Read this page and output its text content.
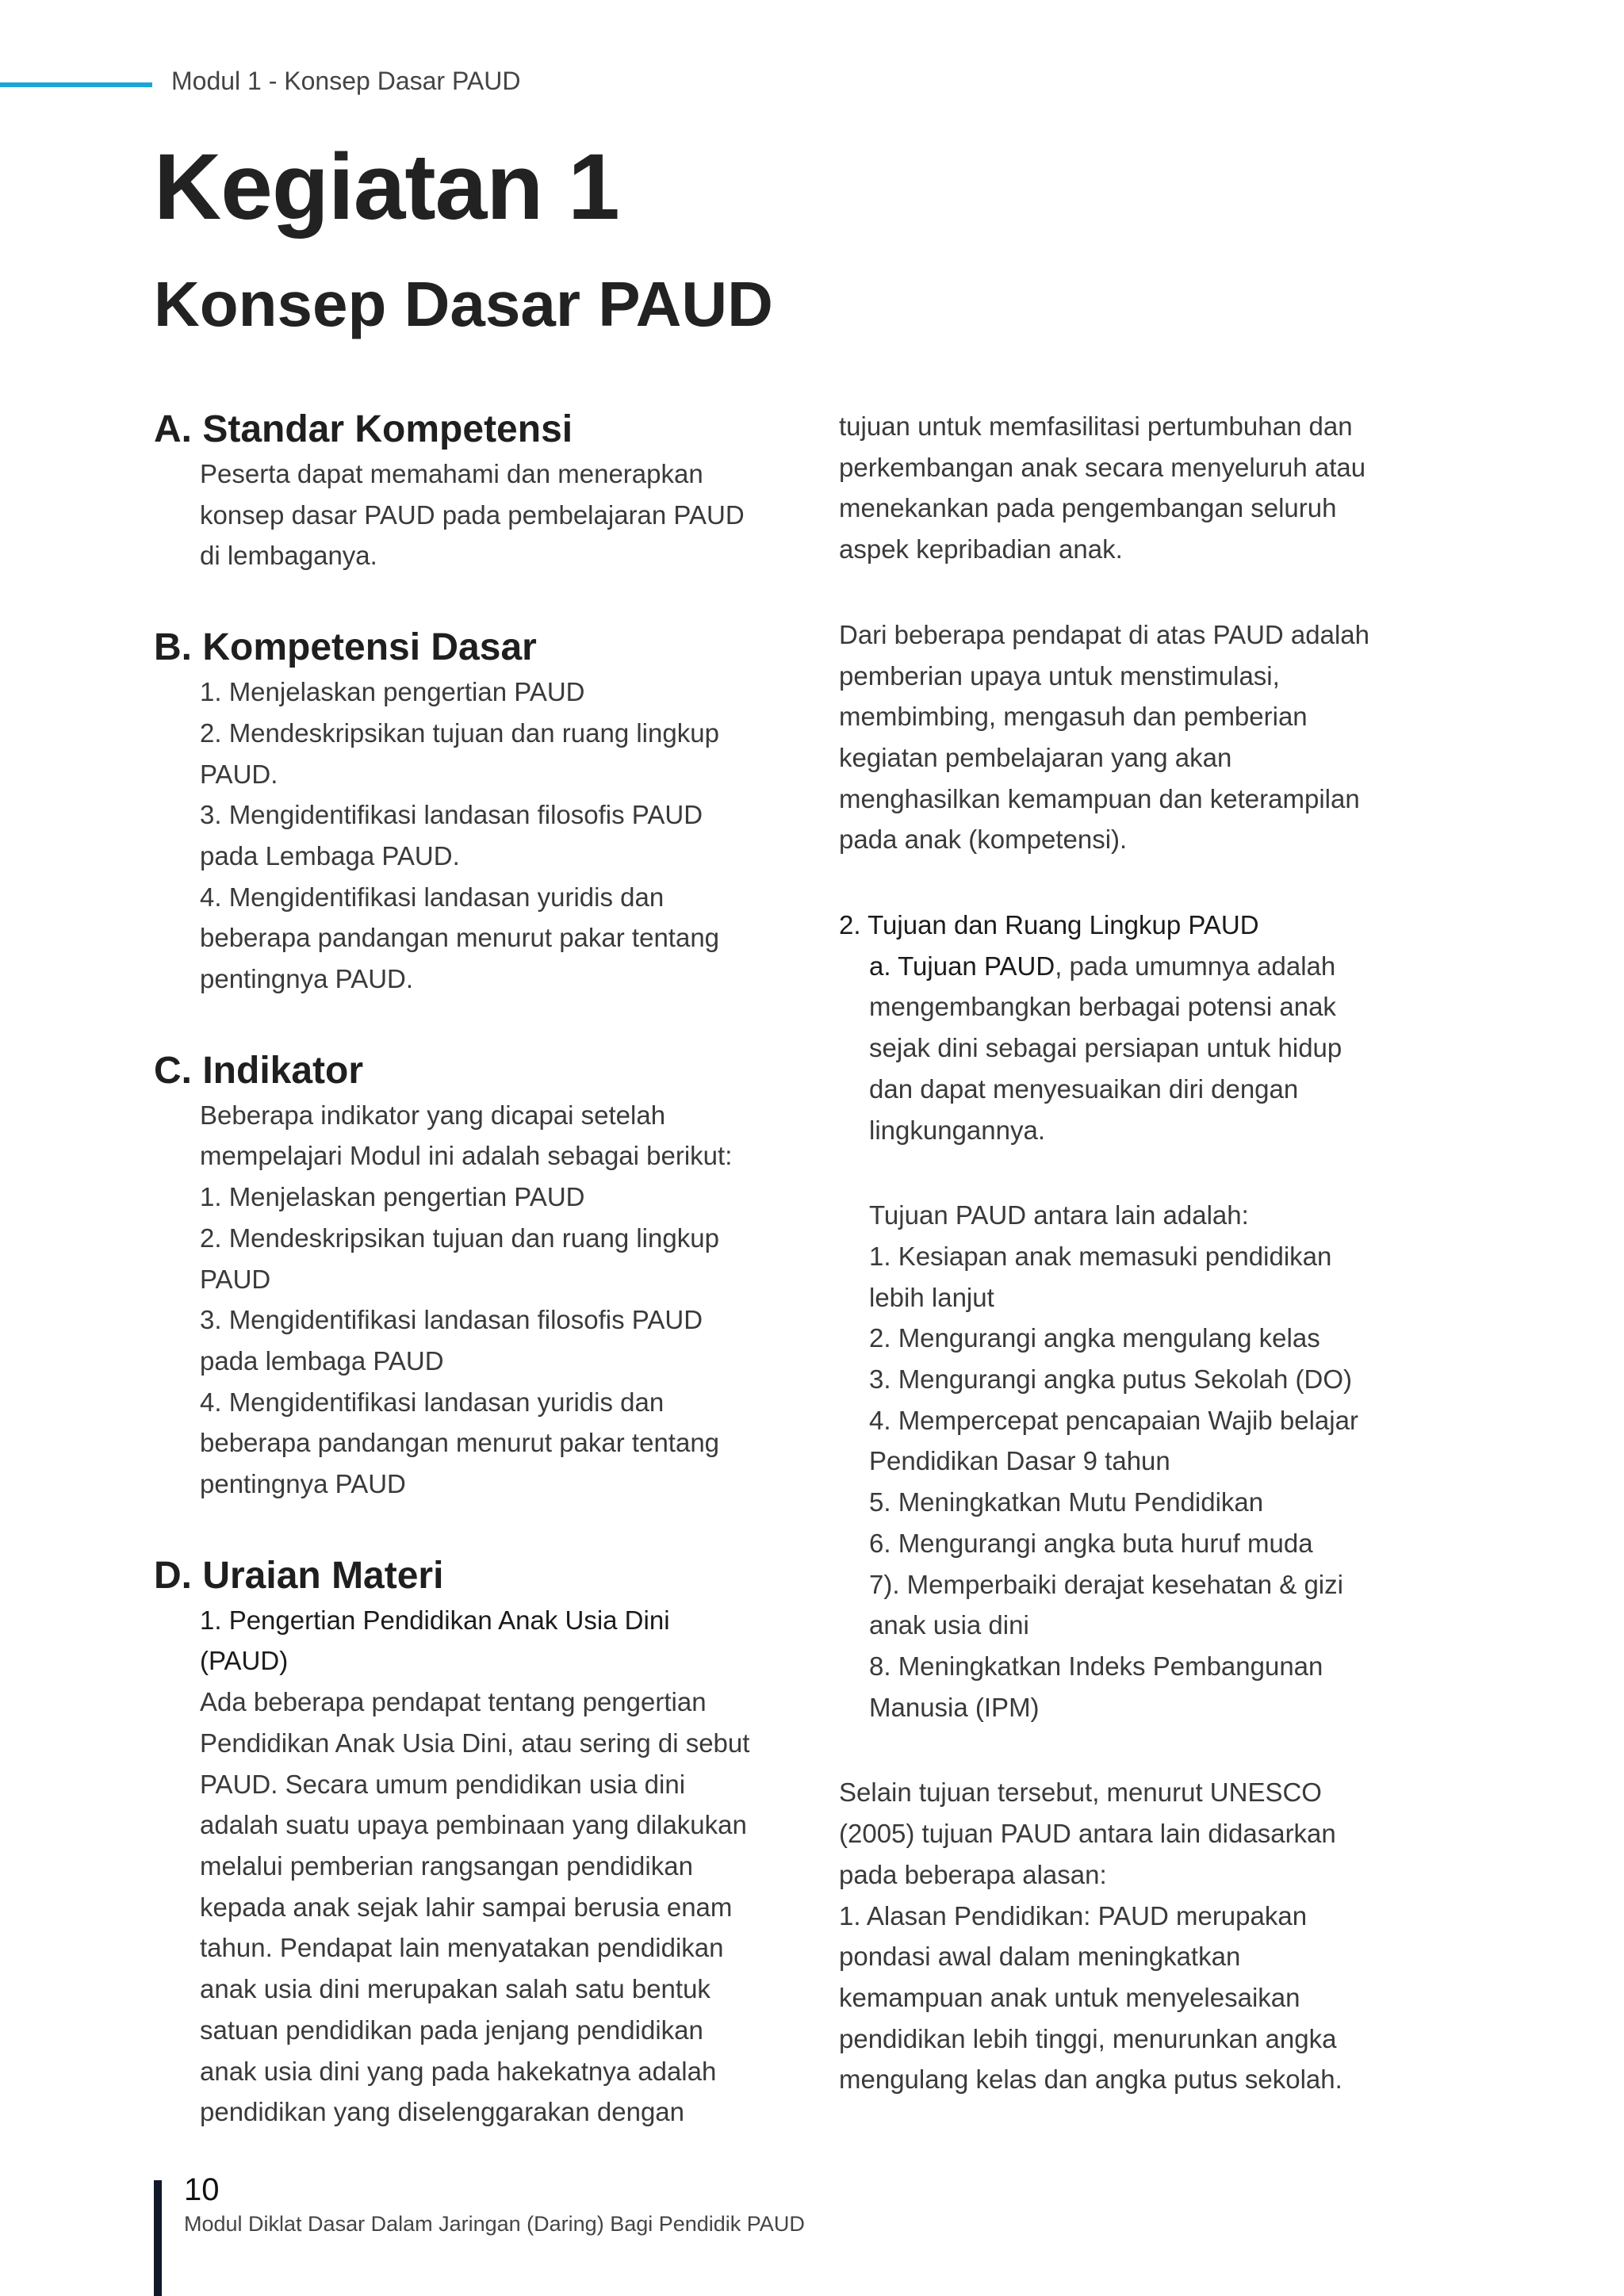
Modul 1 - Konsep Dasar PAUD
Kegiatan 1
Konsep Dasar PAUD
A. Standar Kompetensi

Peserta dapat memahami dan menerapkan

konsep dasar PAUD pada pembelajaran PAUD

di lembaganya.

B. Kompetensi Dasar

1. Menjelaskan pengertian PAUD

2. Mendeskripsikan tujuan dan ruang lingkup

PAUD.

3. Mengidentifikasi landasan filosofis PAUD

pada Lembaga PAUD.

4. Mengidentifikasi landasan yuridis dan

beberapa pandangan menurut pakar tentang

pentingnya PAUD.

C. Indikator

Beberapa indikator yang dicapai setelah

mempelajari Modul ini adalah sebagai berikut:

1. Menjelaskan pengertian PAUD

2. Mendeskripsikan tujuan dan ruang lingkup

PAUD

3. Mengidentifikasi landasan filosofis PAUD

pada lembaga PAUD

4. Mengidentifikasi landasan yuridis dan

beberapa pandangan menurut pakar tentang

pentingnya PAUD

D. Uraian Materi

1. Pengertian Pendidikan Anak Usia Dini

(PAUD)

Ada beberapa pendapat tentang pengertian

Pendidikan Anak Usia Dini, atau sering di sebut

PAUD. Secara umum pendidikan usia dini

adalah suatu upaya pembinaan yang dilakukan

melalui pemberian rangsangan pendidikan

kepada anak sejak lahir sampai berusia enam

tahun. Pendapat lain menyatakan pendidikan

anak usia dini merupakan salah satu bentuk

satuan pendidikan pada jenjang pendidikan

anak usia dini yang pada hakekatnya adalah

pendidikan yang diselenggarakan dengan

tujuan untuk memfasilitasi pertumbuhan dan

perkembangan anak secara menyeluruh atau

menekankan pada pengembangan seluruh

aspek kepribadian anak.

Dari beberapa pendapat di atas PAUD adalah

pemberian upaya untuk menstimulasi,

membimbing, mengasuh dan pemberian

kegiatan pembelajaran yang akan

menghasilkan kemampuan dan keterampilan

pada anak (kompetensi).

2. Tujuan dan Ruang Lingkup PAUD

a. Tujuan PAUD, pada umumnya adalah

mengembangkan berbagai potensi anak

sejak dini sebagai persiapan untuk hidup

dan dapat menyesuaikan diri dengan

lingkungannya.

Tujuan PAUD antara lain adalah:

1. Kesiapan anak memasuki pendidikan

lebih lanjut

2. Mengurangi angka mengulang kelas

3. Mengurangi angka putus Sekolah (DO)

4. Mempercepat pencapaian Wajib belajar

Pendidikan Dasar 9 tahun

5. Meningkatkan Mutu Pendidikan

6. Mengurangi angka buta huruf muda

7). Memperbaiki derajat kesehatan & gizi

anak usia dini

8. Meningkatkan Indeks Pembangunan

Manusia (IPM)

Selain tujuan tersebut, menurut UNESCO

(2005) tujuan PAUD antara lain didasarkan

pada beberapa alasan:

1. Alasan Pendidikan: PAUD merupakan

pondasi awal dalam meningkatkan

kemampuan anak untuk menyelesaikan

pendidikan lebih tinggi, menurunkan angka

mengulang kelas dan angka putus sekolah.

10
Modul Diklat Dasar Dalam Jaringan (Daring) Bagi Pendidik PAUD
